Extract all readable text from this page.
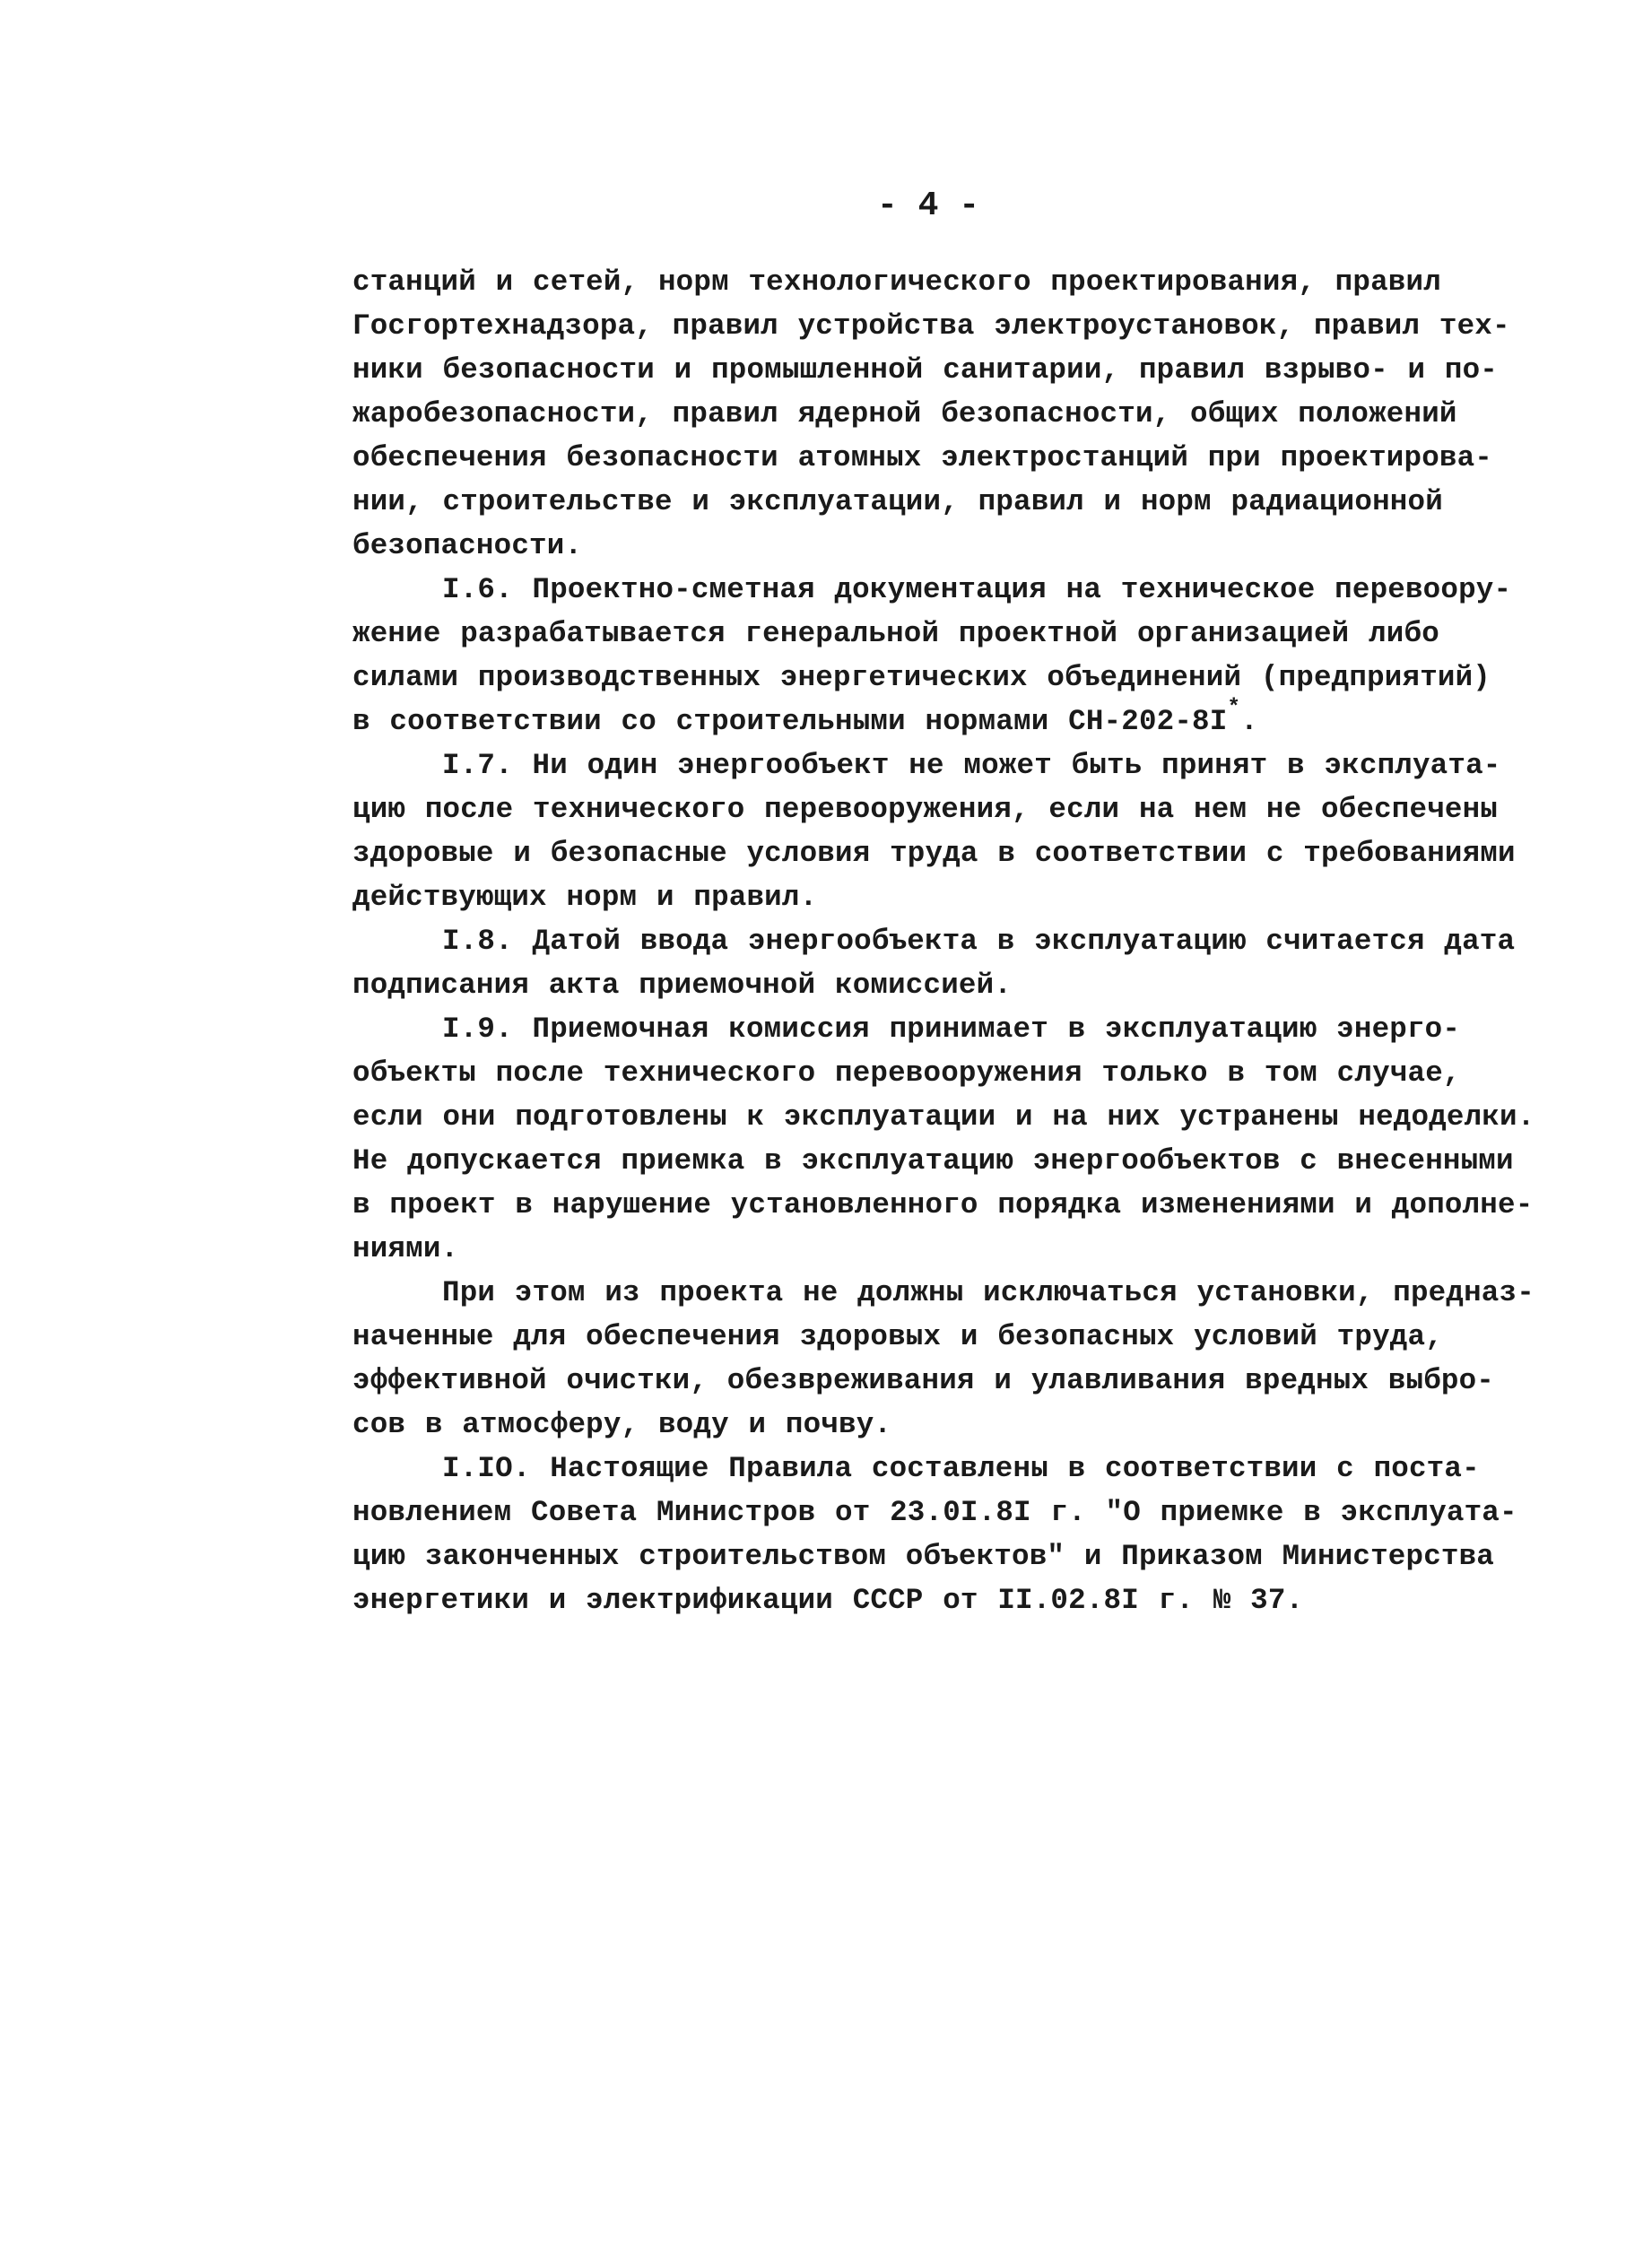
- 4 -
станций и сетей, норм технологического проектирования, правил
Госгортехнадзора, правил устройства электроустановок, правил тех-
ники безопасности и промышленной санитарии, правил взрыво- и по-
жаробезопасности, правил ядерной безопасности, общих положений
обеспечения безопасности атомных электростанций при проектирова-
нии, строительстве и эксплуатации, правил и норм радиационной
безопасности.
I.6. Проектно-сметная документация на техническое перевоору-
жение разрабатывается генеральной проектной организацией либо
силами производственных энергетических объединений (предприятий)
в соответствии со строительными нормами СН-202-8I*.
I.7. Ни один энергообъект не может быть принят в эксплуата-
цию после технического перевооружения, если на нем не обеспечены
здоровые и безопасные условия труда в соответствии с требованиями
действующих норм и правил.
I.8. Датой ввода энергообъекта в эксплуатацию считается дата
подписания акта приемочной комиссией.
I.9. Приемочная комиссия принимает в эксплуатацию энерго-
объекты после технического перевооружения только в том случае,
если они подготовлены к эксплуатации и на них устранены недоделки.
Не допускается приемка в эксплуатацию энергообъектов с внесенными
в проект в нарушение установленного порядка изменениями и дополне-
ниями.
При этом из проекта не должны исключаться установки, предназ-
наченные для обеспечения здоровых и безопасных условий труда,
эффективной очистки, обезвреживания и улавливания вредных выбро-
сов в атмосферу, воду и почву.
I.IO. Настоящие Правила составлены в соответствии с поста-
новлением Совета Министров от 23.0I.8I г. "О приемке в эксплуата-
цию законченных строительством объектов" и Приказом Министерства
энергетики и электрификации СССР от II.02.8I г. № 37.
